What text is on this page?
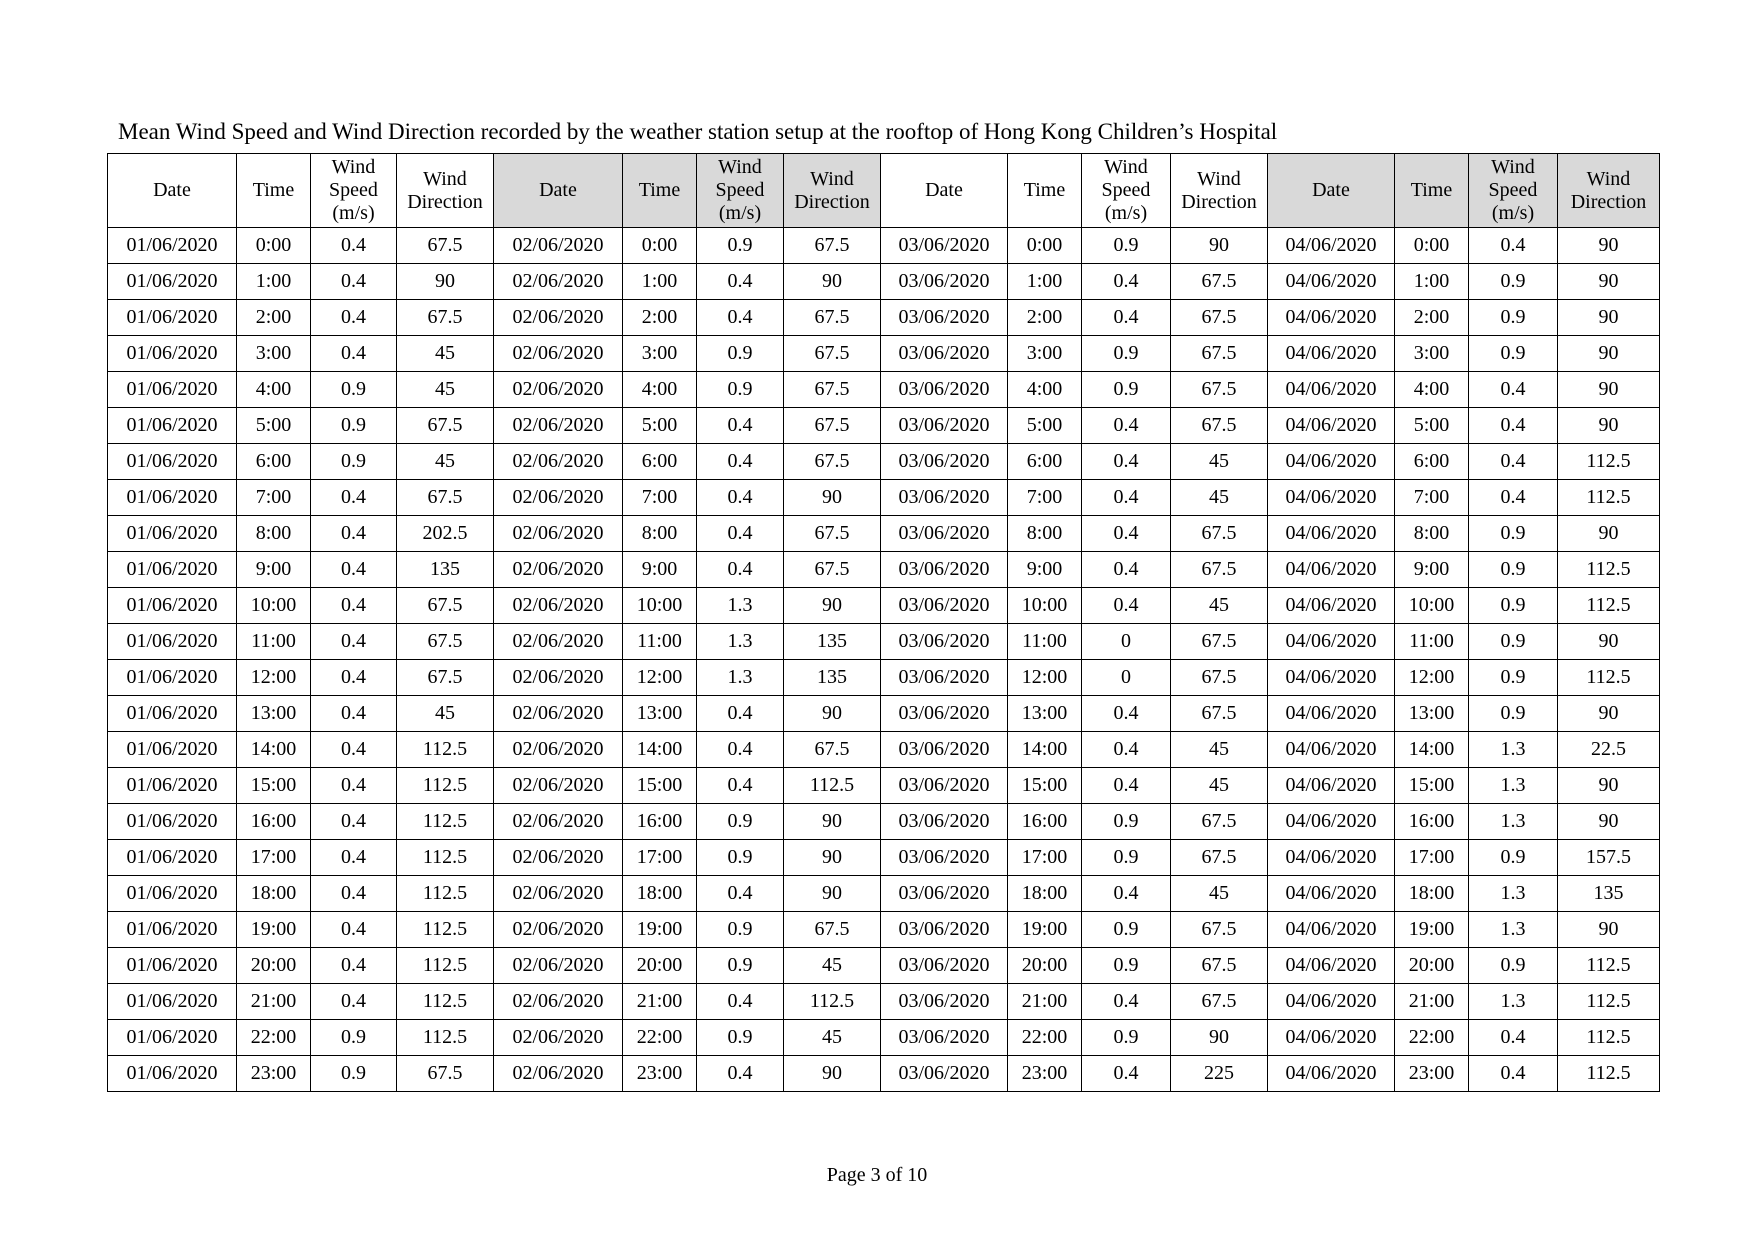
Mean Wind Speed and Wind Direction recorded by the weather station setup at the rooftop of Hong Kong Children’s Hospital
Date	Time	Wind
Speed
(m/s)	Wind
Direction	Date	Time	Wind
Speed
(m/s)	Wind
Direction	Date	Time	Wind
Speed
(m/s)	Wind
Direction	Date	Time	Wind
Speed
(m/s)	Wind
Direction
01/06/2020	0:00	0.4	67.5	02/06/2020	0:00	0.9	67.5	03/06/2020	0:00	0.9	90	04/06/2020	0:00	0.4	90
01/06/2020	1:00	0.4	90	02/06/2020	1:00	0.4	90	03/06/2020	1:00	0.4	67.5	04/06/2020	1:00	0.9	90
01/06/2020	2:00	0.4	67.5	02/06/2020	2:00	0.4	67.5	03/06/2020	2:00	0.4	67.5	04/06/2020	2:00	0.9	90
01/06/2020	3:00	0.4	45	02/06/2020	3:00	0.9	67.5	03/06/2020	3:00	0.9	67.5	04/06/2020	3:00	0.9	90
01/06/2020	4:00	0.9	45	02/06/2020	4:00	0.9	67.5	03/06/2020	4:00	0.9	67.5	04/06/2020	4:00	0.4	90
01/06/2020	5:00	0.9	67.5	02/06/2020	5:00	0.4	67.5	03/06/2020	5:00	0.4	67.5	04/06/2020	5:00	0.4	90
01/06/2020	6:00	0.9	45	02/06/2020	6:00	0.4	67.5	03/06/2020	6:00	0.4	45	04/06/2020	6:00	0.4	112.5
01/06/2020	7:00	0.4	67.5	02/06/2020	7:00	0.4	90	03/06/2020	7:00	0.4	45	04/06/2020	7:00	0.4	112.5
01/06/2020	8:00	0.4	202.5	02/06/2020	8:00	0.4	67.5	03/06/2020	8:00	0.4	67.5	04/06/2020	8:00	0.9	90
01/06/2020	9:00	0.4	135	02/06/2020	9:00	0.4	67.5	03/06/2020	9:00	0.4	67.5	04/06/2020	9:00	0.9	112.5
01/06/2020	10:00	0.4	67.5	02/06/2020	10:00	1.3	90	03/06/2020	10:00	0.4	45	04/06/2020	10:00	0.9	112.5
01/06/2020	11:00	0.4	67.5	02/06/2020	11:00	1.3	135	03/06/2020	11:00	0	67.5	04/06/2020	11:00	0.9	90
01/06/2020	12:00	0.4	67.5	02/06/2020	12:00	1.3	135	03/06/2020	12:00	0	67.5	04/06/2020	12:00	0.9	112.5
01/06/2020	13:00	0.4	45	02/06/2020	13:00	0.4	90	03/06/2020	13:00	0.4	67.5	04/06/2020	13:00	0.9	90
01/06/2020	14:00	0.4	112.5	02/06/2020	14:00	0.4	67.5	03/06/2020	14:00	0.4	45	04/06/2020	14:00	1.3	22.5
01/06/2020	15:00	0.4	112.5	02/06/2020	15:00	0.4	112.5	03/06/2020	15:00	0.4	45	04/06/2020	15:00	1.3	90
01/06/2020	16:00	0.4	112.5	02/06/2020	16:00	0.9	90	03/06/2020	16:00	0.9	67.5	04/06/2020	16:00	1.3	90
01/06/2020	17:00	0.4	112.5	02/06/2020	17:00	0.9	90	03/06/2020	17:00	0.9	67.5	04/06/2020	17:00	0.9	157.5
01/06/2020	18:00	0.4	112.5	02/06/2020	18:00	0.4	90	03/06/2020	18:00	0.4	45	04/06/2020	18:00	1.3	135
01/06/2020	19:00	0.4	112.5	02/06/2020	19:00	0.9	67.5	03/06/2020	19:00	0.9	67.5	04/06/2020	19:00	1.3	90
01/06/2020	20:00	0.4	112.5	02/06/2020	20:00	0.9	45	03/06/2020	20:00	0.9	67.5	04/06/2020	20:00	0.9	112.5
01/06/2020	21:00	0.4	112.5	02/06/2020	21:00	0.4	112.5	03/06/2020	21:00	0.4	67.5	04/06/2020	21:00	1.3	112.5
01/06/2020	22:00	0.9	112.5	02/06/2020	22:00	0.9	45	03/06/2020	22:00	0.9	90	04/06/2020	22:00	0.4	112.5
01/06/2020	23:00	0.9	67.5	02/06/2020	23:00	0.4	90	03/06/2020	23:00	0.4	225	04/06/2020	23:00	0.4	112.5
Page 3 of 10
